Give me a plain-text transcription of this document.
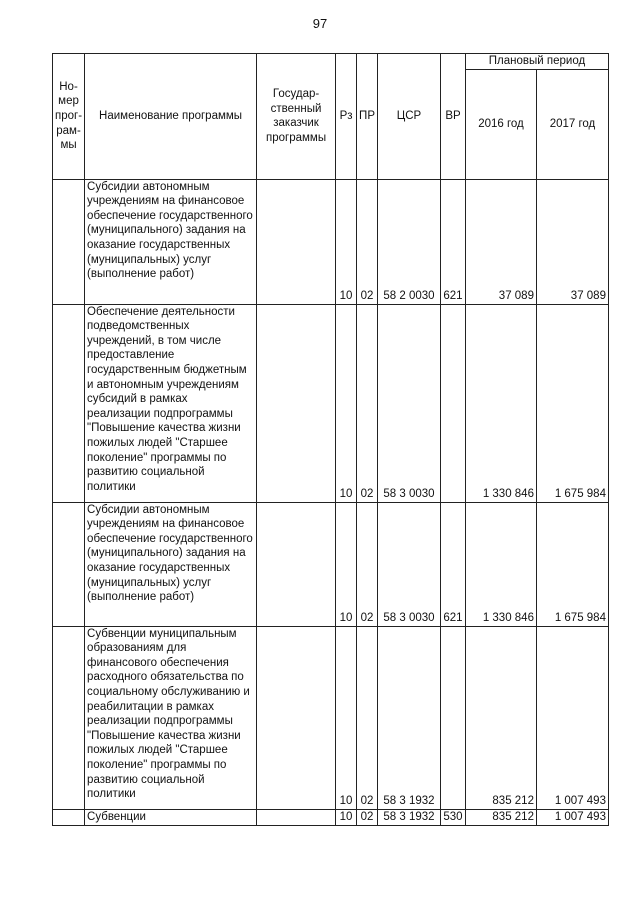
97
Но-
мер
прог-
рам-
мы	Наименование программы	Государ-
ственный
заказчик
программы	Рз	ПР	ЦСР	ВР	Плановый период	
							2016 год	2017 год
	Субсидии автономным учреждениям на финансовое обеспечение государственного (муниципального) задания на оказание государственных (муниципальных) услуг (выполнение работ)		10	02	58 2 0030	621	37 089	37 089
	Обеспечение деятельности подведомственных учреждений, в том числе предоставление государственным бюджетным и автономным учреждениям субсидий в рамках реализации подпрограммы "Повышение качества жизни пожилых людей "Старшее поколение" программы по развитию социальной политики		10	02	58 3 0030		1 330 846	1 675 984
	Субсидии автономным учреждениям на финансовое обеспечение государственного (муниципального) задания на оказание государственных (муниципальных) услуг (выполнение работ)		10	02	58 3 0030	621	1 330 846	1 675 984
	Субвенции муниципальным образованиям для финансового обеспечения расходного обязательства по социальному обслуживанию и реабилитации в рамках реализации подпрограммы "Повышение качества жизни пожилых людей "Старшее поколение" программы по развитию социальной политики		10	02	58 3 1932		835 212	1 007 493
	Субвенции		10	02	58 3 1932	530	835 212	1 007 493
